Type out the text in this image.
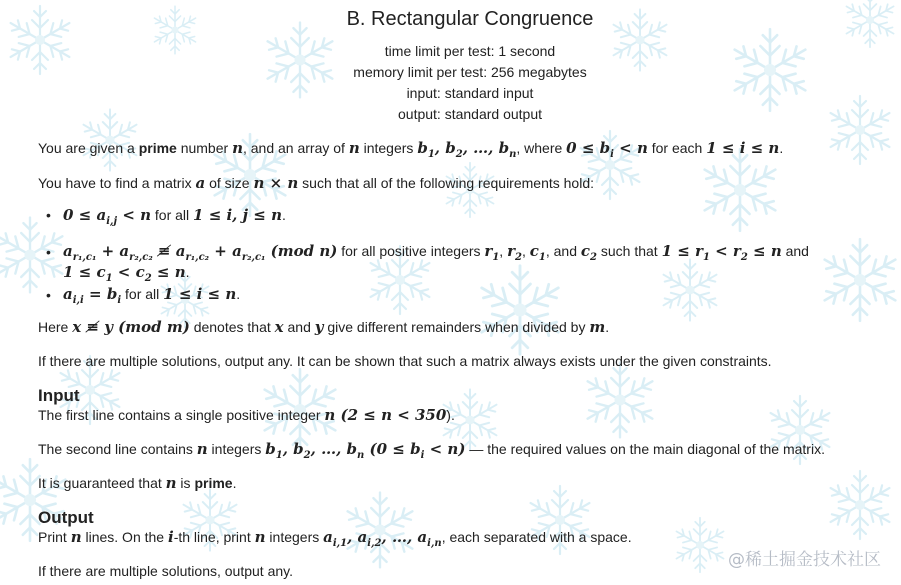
B. Rectangular Congruence
time limit per test: 1 second
memory limit per test: 256 megabytes
input: standard input
output: standard output
You are given a prime number n, and an array of n integers $b_1$, $b_2$, …, $b_n$, where $0 \le b_i < n$ for each 1 ≤ i ≤ n.
You have to find a matrix a of size n × n such that all of the following requirements hold:
• $0 \le a_{i,j} < n$ for all 1 ≤ i, j ≤ n.
• $a_{r_1,c_1} + a_{r_2,c_2}$ ≢ $a_{r_1,c_2} + a_{r_2,c_1}$ (mod n) for all positive integers $r_1$, $r_2$, $c_1$, and $c_2$ such that $1 \le r_1 < r_2 \le n$ and
$1 \le c_1 < c_2 \le n$.
• $a_{i,i} = b_i$ for all 1 ≤ i ≤ n.
Here x ≢ y (mod m) denotes that x and y give different remainders when divided by m.
If there are multiple solutions, output any. It can be shown that such a matrix always exists under the given constraints.
Input
The first line contains a single positive integer n (2 ≤ n < 350).
The second line contains n integers $b_1$, $b_2$, …, $b_n$ $(0 \le b_i < n)$ — the required values on the main diagonal of the matrix.
It is guaranteed that n is prime.
Output
Print n lines. On the i-th line, print n integers $a_{i,1}$, $a_{i,2}$, …, $a_{i,n}$, each separated with a space.
If there are multiple solutions, output any.
@稀土掘金技术社区
